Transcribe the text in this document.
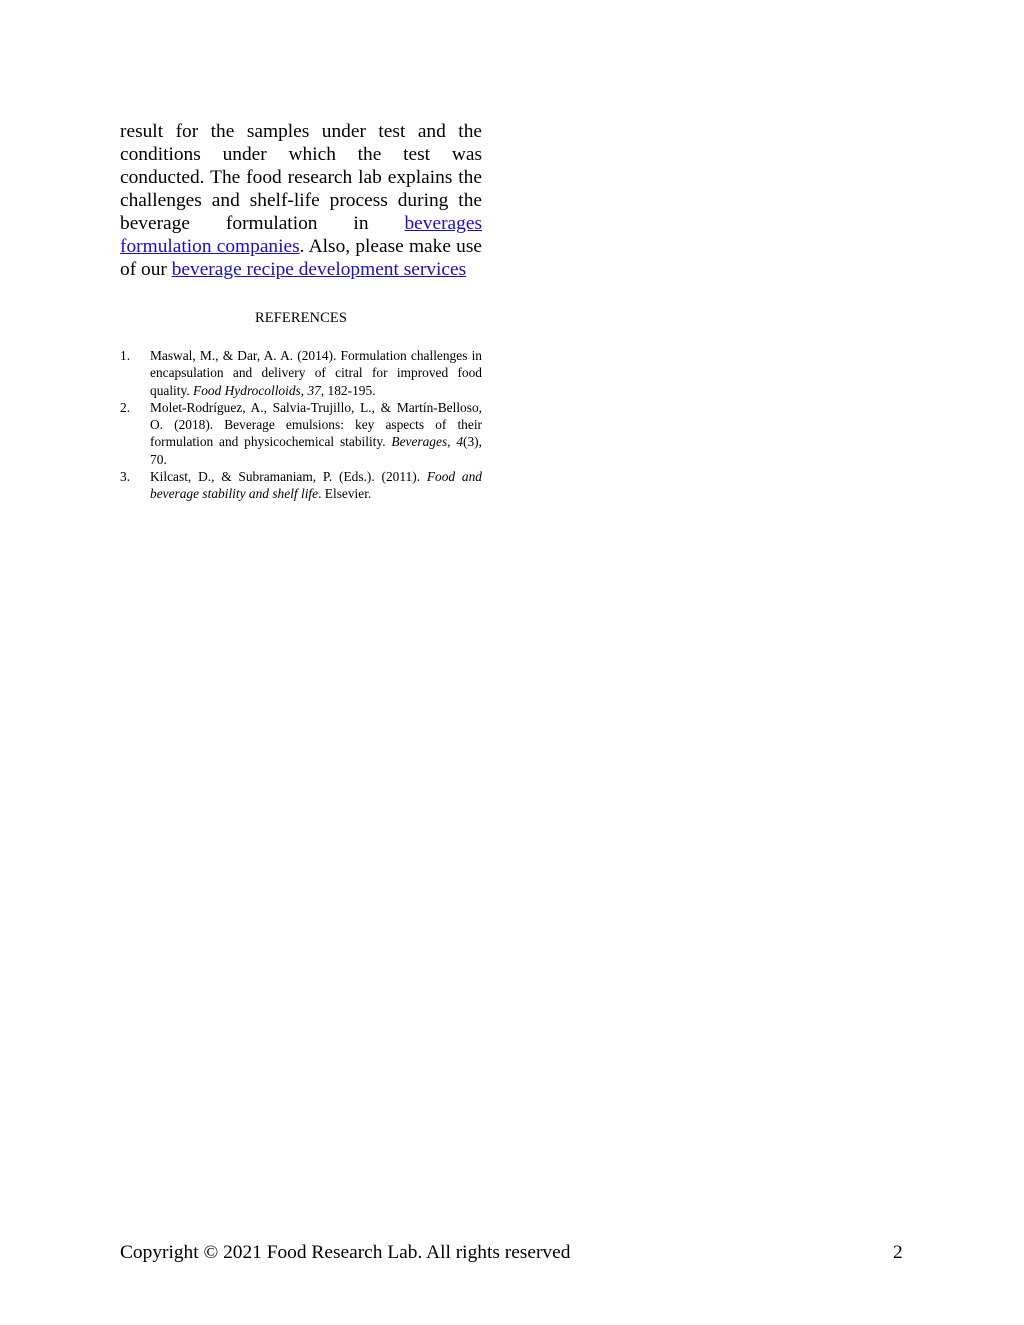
result for the samples under test and the conditions under which the test was conducted. The food research lab explains the challenges and shelf-life process during the beverage formulation in beverages formulation companies. Also, please make use of our beverage recipe development services

REFERENCES
1. Maswal, M., & Dar, A. A. (2014). Formulation challenges in encapsulation and delivery of citral for improved food quality. Food Hydrocolloids, 37, 182-195.
2. Molet-Rodríguez, A., Salvia-Trujillo, L., & Martín-Belloso, O. (2018). Beverage emulsions: key aspects of their formulation and physicochemical stability. Beverages, 4(3), 70.
3. Kilcast, D., & Subramaniam, P. (Eds.). (2011). Food and beverage stability and shelf life. Elsevier.
Copyright © 2021 Food Research Lab. All rights reserved	2
